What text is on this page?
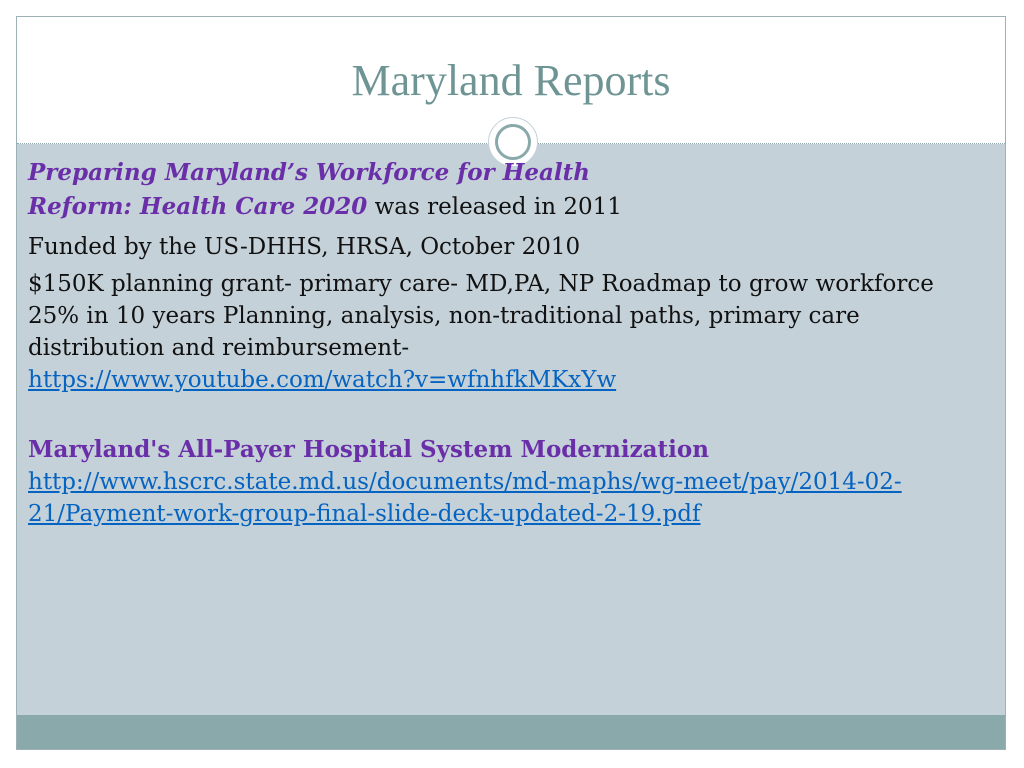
Maryland Reports
Preparing Maryland’s Workforce for Health
Reform: Health Care 2020 was released in 2011
Funded by the US-DHHS, HRSA, October 2010
$150K planning grant- primary care- MD,PA, NP Roadmap to grow workforce 25% in 10 years Planning, analysis, non-traditional paths, primary care distribution and reimbursement-
https://www.youtube.com/watch?v=wfnhfkMKxYw
Maryland's All-Payer Hospital System Modernization
http://www.hscrc.state.md.us/documents/md-maphs/wg-meet/pay/2014-02-21/Payment-work-group-final-slide-deck-updated-2-19.pdf
